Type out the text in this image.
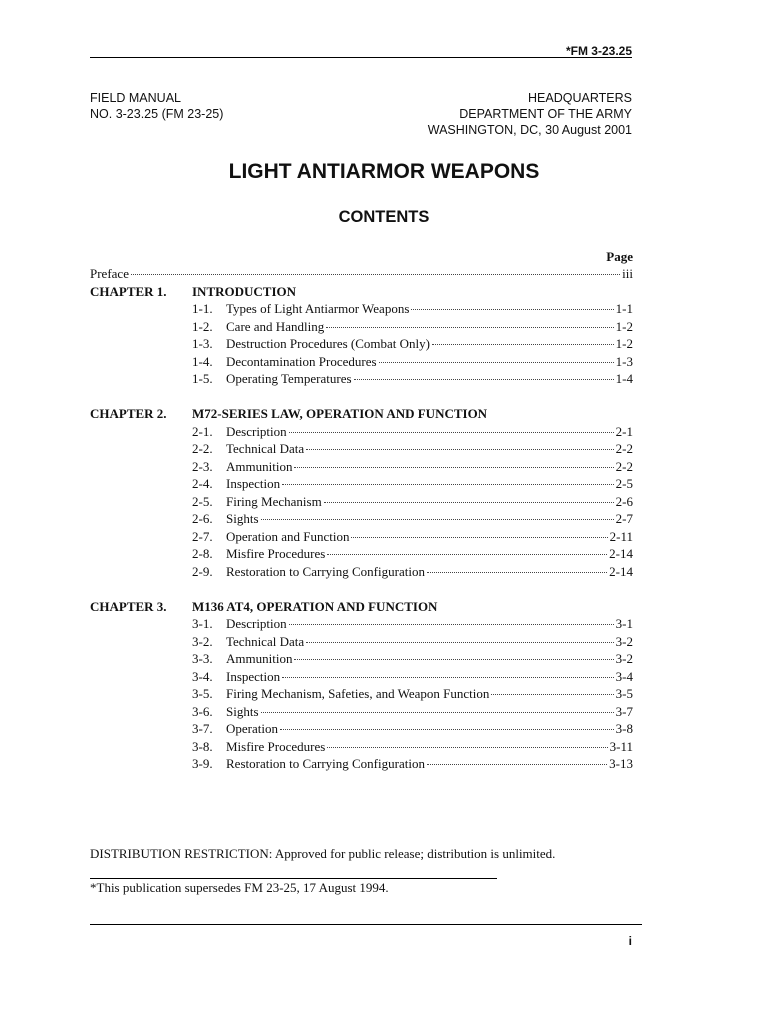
*FM 3-23.25
FIELD MANUAL
NO. 3-23.25 (FM 23-25)
HEADQUARTERS
DEPARTMENT OF THE ARMY
WASHINGTON, DC, 30 August 2001
LIGHT ANTIARMOR WEAPONS
CONTENTS
Page
Preface	iii
CHAPTER 1.	INTRODUCTION
1-1.	Types of Light Antiarmor Weapons	1-1
1-2.	Care and Handling	1-2
1-3.	Destruction Procedures (Combat Only)	1-2
1-4.	Decontamination Procedures	1-3
1-5.	Operating Temperatures	1-4
CHAPTER 2.	M72-SERIES LAW, OPERATION AND FUNCTION
2-1.	Description	2-1
2-2.	Technical Data	2-2
2-3.	Ammunition	2-2
2-4.	Inspection	2-5
2-5.	Firing Mechanism	2-6
2-6.	Sights	2-7
2-7.	Operation and Function	2-11
2-8.	Misfire Procedures	2-14
2-9.	Restoration to Carrying Configuration	2-14
CHAPTER 3.	M136 AT4, OPERATION AND FUNCTION
3-1.	Description	3-1
3-2.	Technical Data	3-2
3-3.	Ammunition	3-2
3-4.	Inspection	3-4
3-5.	Firing Mechanism, Safeties, and Weapon Function	3-5
3-6.	Sights	3-7
3-7.	Operation	3-8
3-8.	Misfire Procedures	3-11
3-9.	Restoration to Carrying Configuration	3-13
DISTRIBUTION RESTRICTION: Approved for public release; distribution is unlimited.
*This publication supersedes FM 23-25, 17 August 1994.
i
